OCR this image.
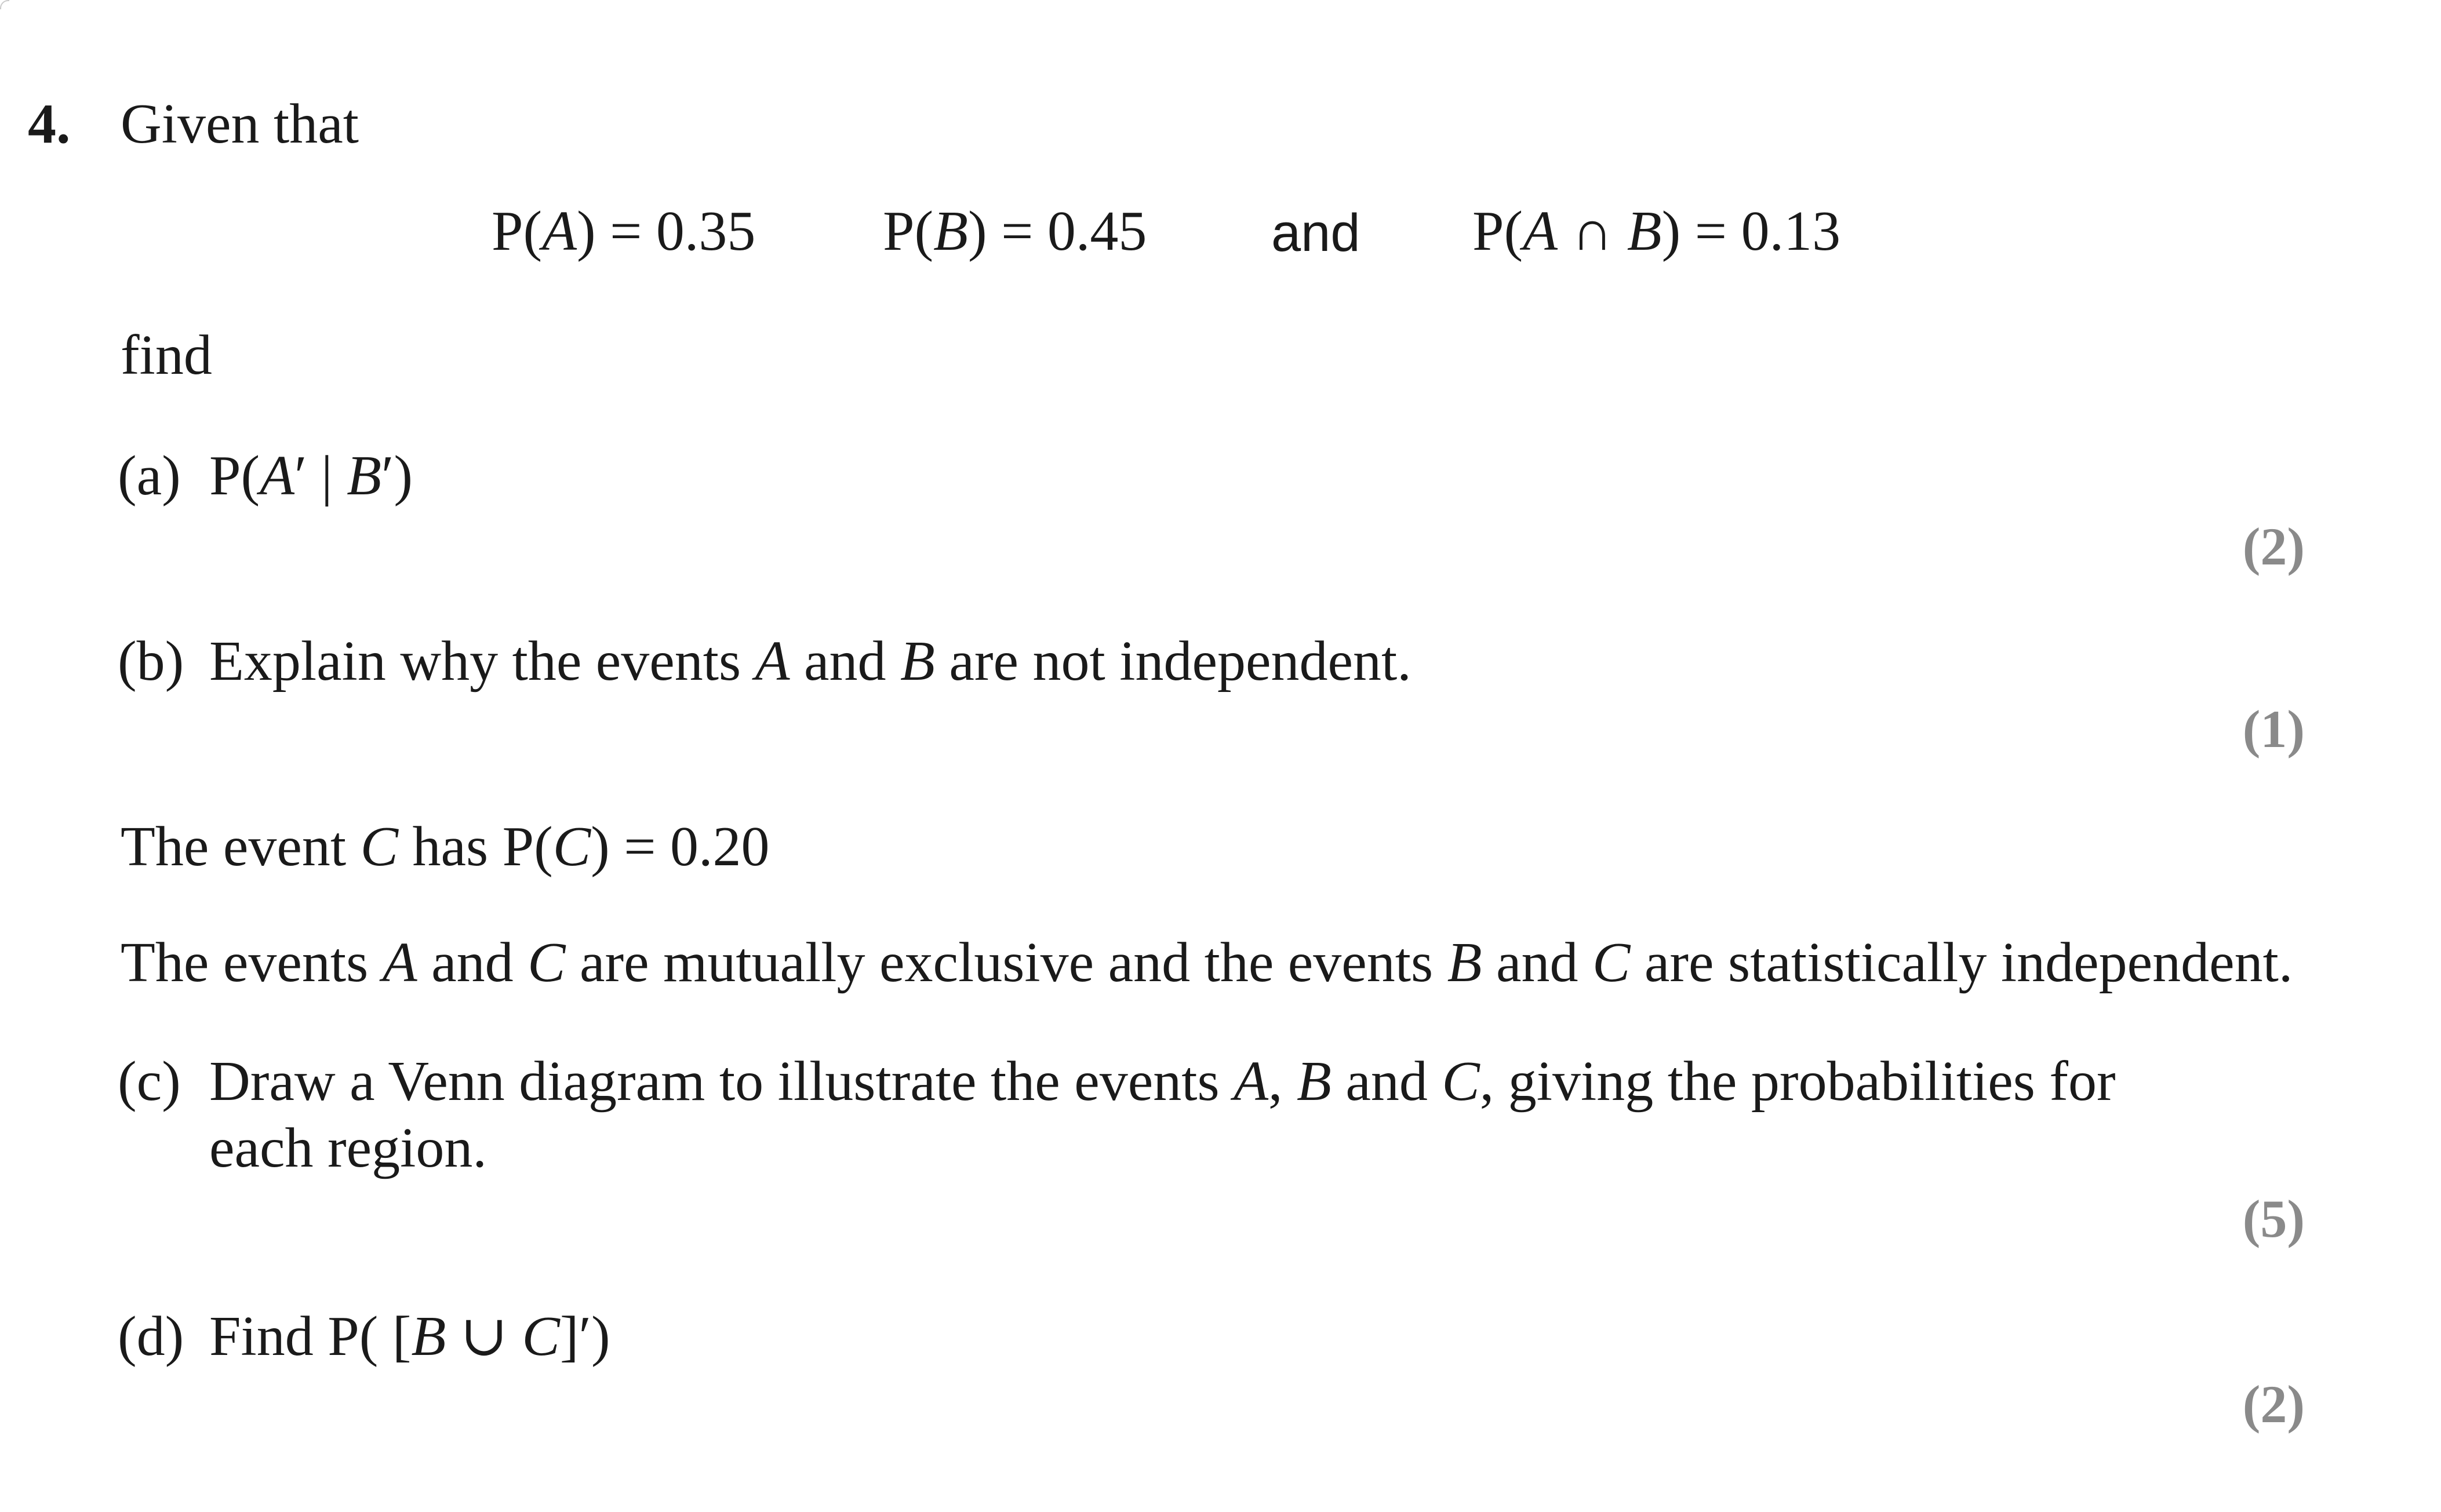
4. Given that
P(A) = 0.35 P(B) = 0.45 and P(A ∩ B) = 0.13
find
(a) P(A′ | B′)
(2)
(b) Explain why the events A and B are not independent.
(1)
The event C has P(C) = 0.20
The events A and C are mutually exclusive and the events B and C are statistically independent.
(c) Draw a Venn diagram to illustrate the events A, B and C, giving the probabilities for
each region.
(5)
(d) Find P( [B ∪ C]′)
(2)
